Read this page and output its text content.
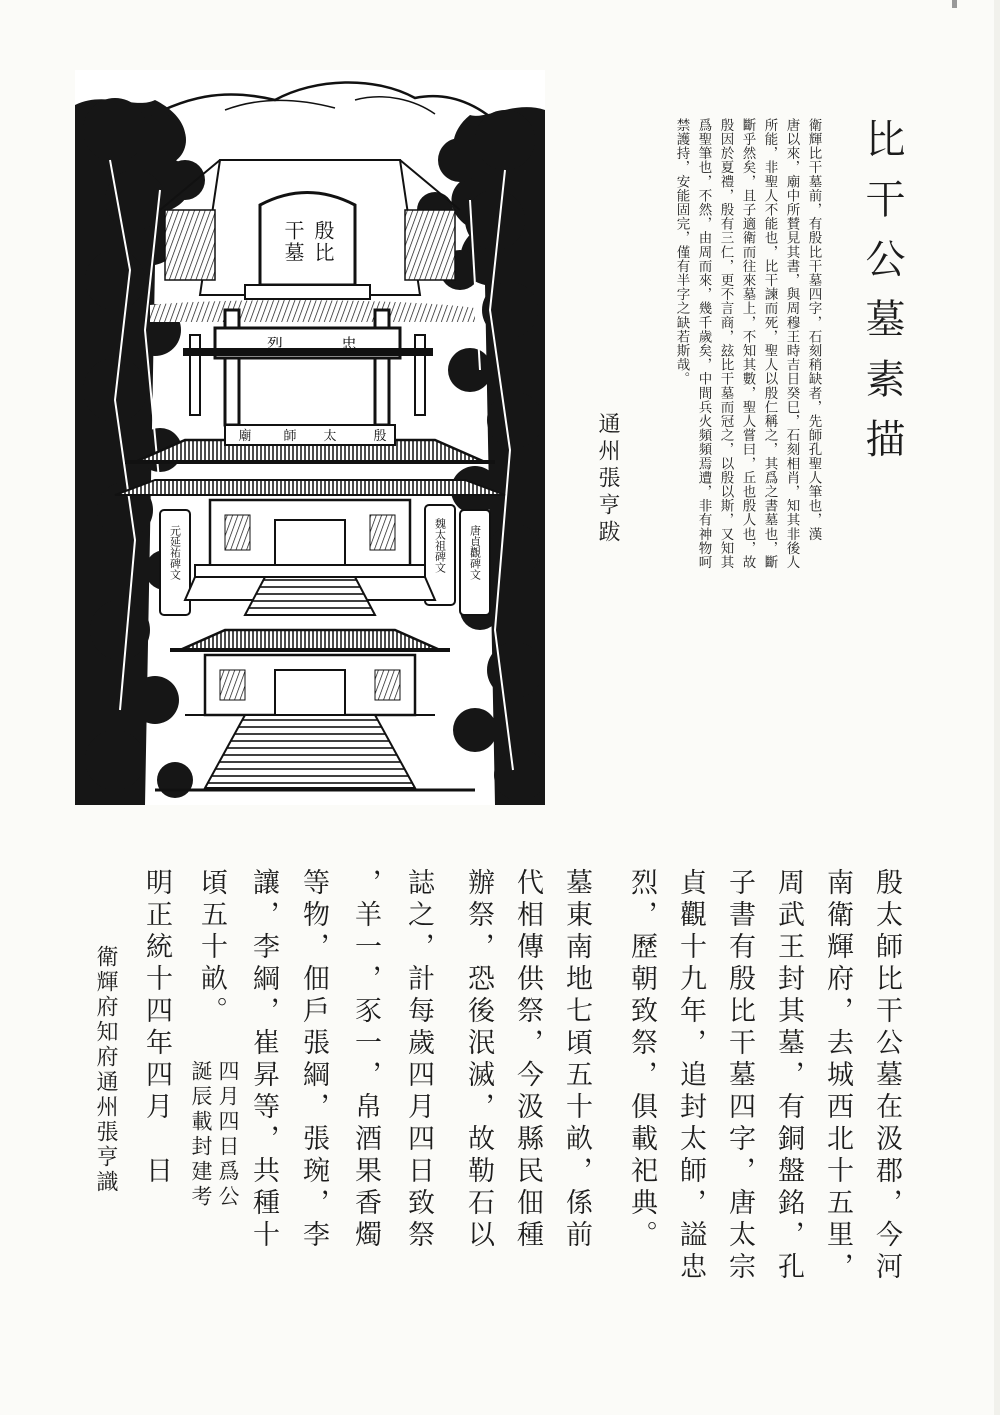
殷比
干墓
忠
烈
殷
太
師
廟
元延祐碑文	魏太祖碑文 唐貞觀碑文
比干公墓素描
衛輝比干墓前，有殷比干墓四字，石刻稍缺者，先師孔聖人筆也，漢
唐以來，廟中所賛見其書，與周穆王時吉日癸巳，石刻相肖，知其非後人
所能，非聖人不能也，比干諫而死，聖人以殷仁稱之，其爲之書墓也，斷
斷乎然矣，且子適衛而往來墓上，不知其數，聖人嘗曰，丘也殷人也，故
殷因於夏禮，殷有三仁，更不言商，玆比干墓而冠之，以殷以斯，又知其
爲聖筆也，不然，由周而來，幾千歲矣，中間兵火頻頻焉遭，非有神物呵
禁護持，安能固完，僅有半字之缺若斯哉。
通州張亨跋
殷太師比干公墓在汲郡，今河
南衛輝府，去城西北十五里，
周武王封其墓，有銅盤銘，孔
子書有殷比干墓四字，唐太宗
貞觀十九年，追封太師，謚忠
烈，歷朝致祭，俱載祀典。
墓東南地七頃五十畝，係前
代相傳供祭，今汲縣民佃種
辦祭，恐後泯滅，故勒石以
誌之，計每歲四月四日致祭
，羊一，豕一，帛酒果香燭
等物，佃戶張綱，張琬，李
讓，李綱，崔昇等，共種十
頃五十畝。
明正統十四年四月　日 四月四日爲公
誕辰載封建考
衛輝府知府通州張亨識
